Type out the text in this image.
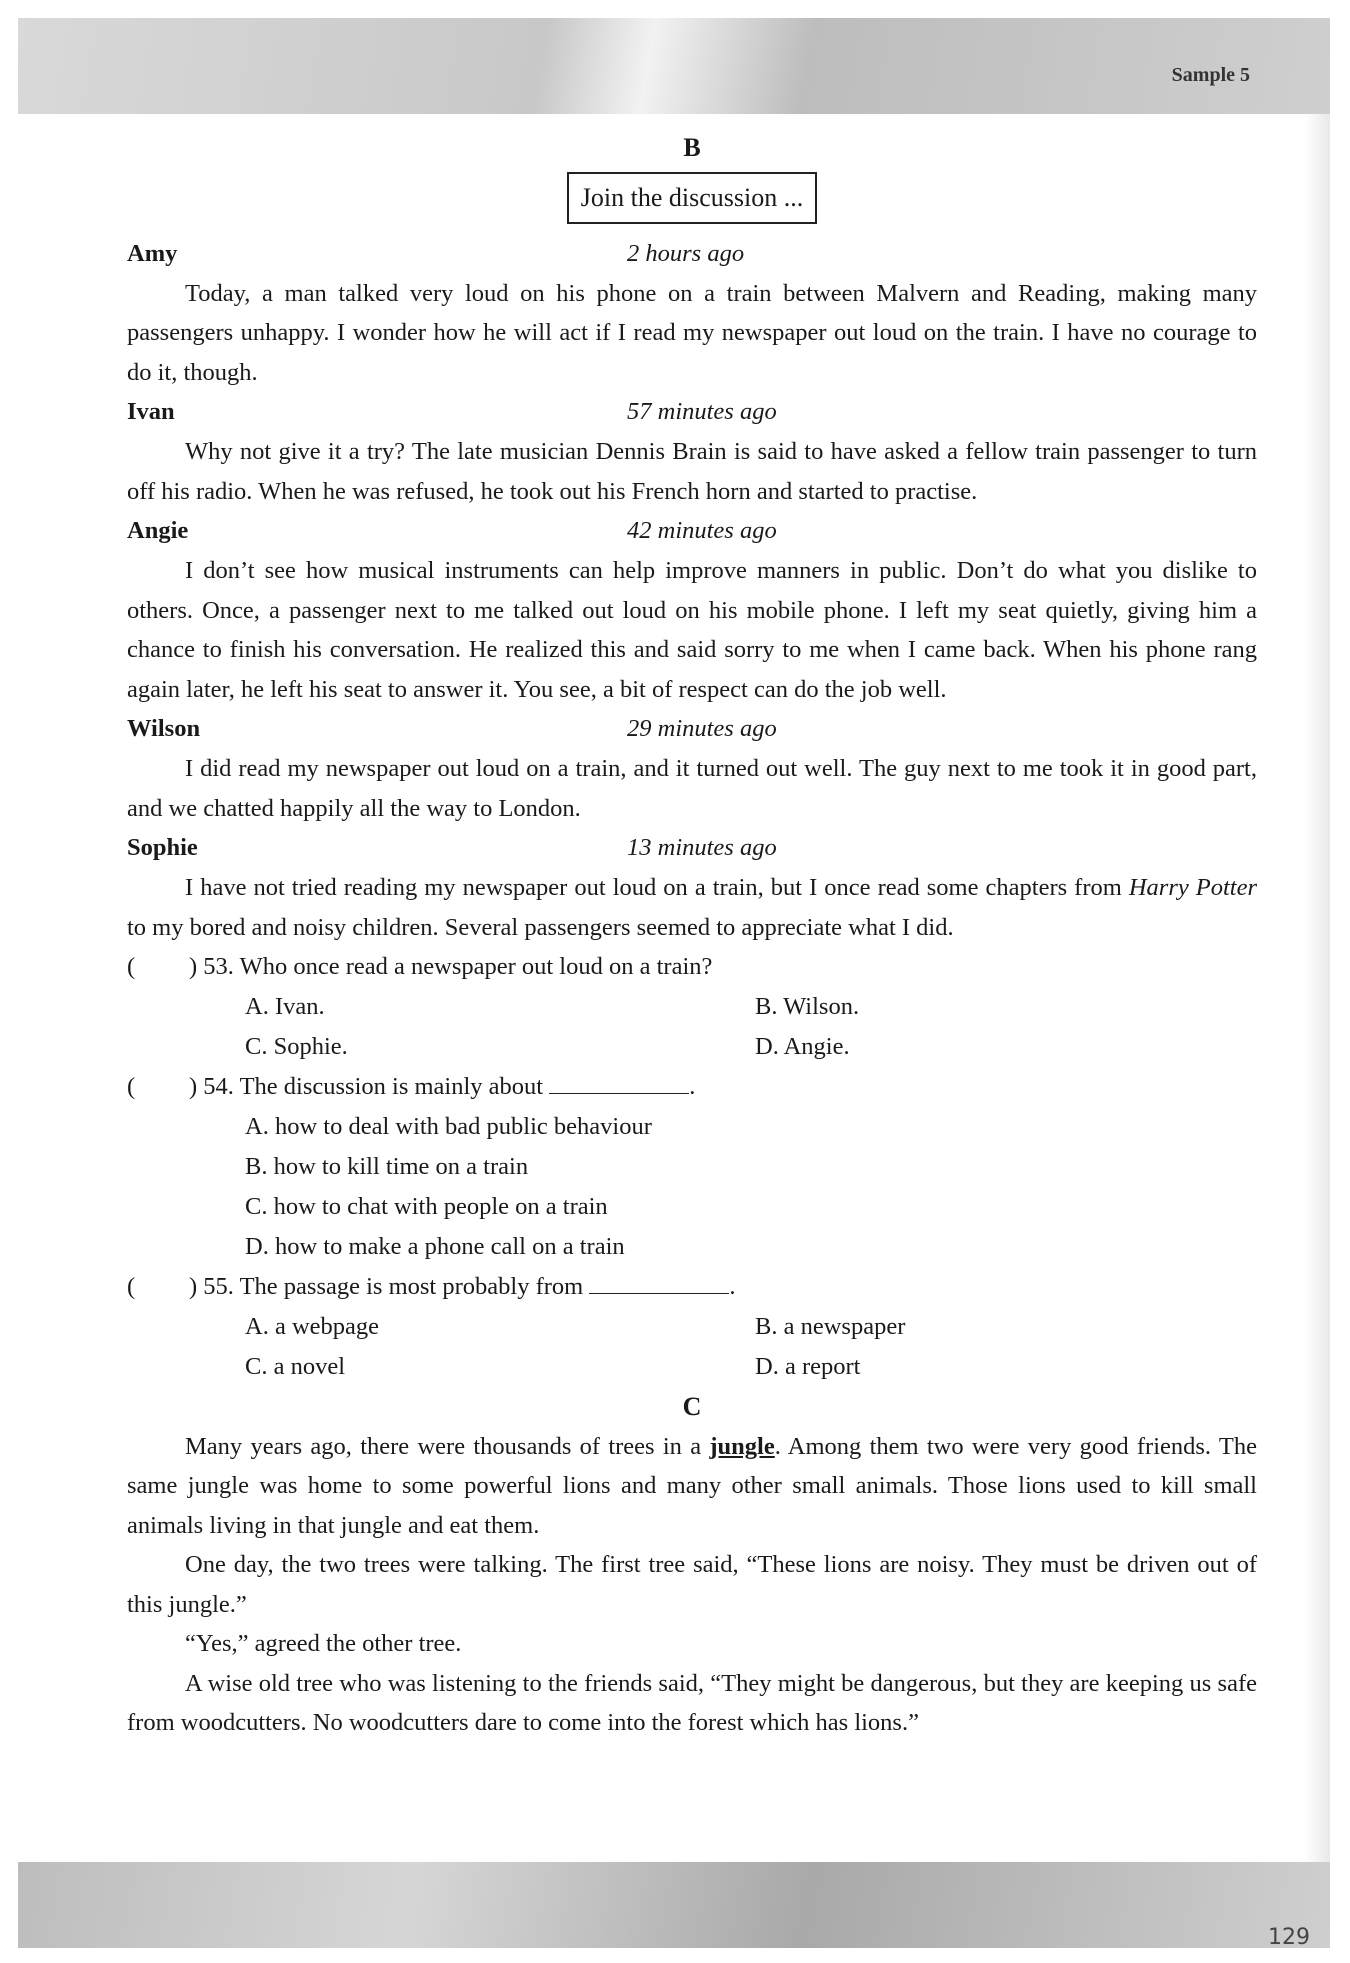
Sample 5
B
Join the discussion ...
Amy	2 hours ago

Today, a man talked very loud on his phone on a train between Malvern and Reading, making many passengers unhappy. I wonder how he will act if I read my newspaper out loud on the train. I have no courage to do it, though.

Ivan	57 minutes ago

Why not give it a try? The late musician Dennis Brain is said to have asked a fellow train passenger to turn off his radio. When he was refused, he took out his French horn and started to practise.

Angie	42 minutes ago

I don’t see how musical instruments can help improve manners in public. Don’t do what you dislike to others. Once, a passenger next to me talked out loud on his mobile phone. I left my seat quietly, giving him a chance to finish his conversation. He realized this and said sorry to me when I came back. When his phone rang again later, he left his seat to answer it. You see, a bit of respect can do the job well.

Wilson	29 minutes ago

I did read my newspaper out loud on a train, and it turned out well. The guy next to me took it in good part, and we chatted happily all the way to London.

Sophie	13 minutes ago

I have not tried reading my newspaper out loud on a train, but I once read some chapters from Harry Potter to my bored and noisy children. Several passengers seemed to appreciate what I did.

( ) 53. Who once read a newspaper out loud on a train?
A. Ivan.	B. Wilson.
C. Sophie.	D. Angie.
( ) 54. The discussion is mainly about	.
A. how to deal with bad public behaviour
B. how to kill time on a train
C. how to chat with people on a train
D. how to make a phone call on a train
( ) 55. The passage is most probably from	.
A. a webpage	B. a newspaper
C. a novel	D. a report
C

Many years ago, there were thousands of trees in a jungle. Among them two were very good friends. The same jungle was home to some powerful lions and many other small animals. Those lions used to kill small animals living in that jungle and eat them.

One day, the two trees were talking. The first tree said, “These lions are noisy. They must be driven out of this jungle.”

“Yes,” agreed the other tree.

A wise old tree who was listening to the friends said, “They might be dangerous, but they are keeping us safe from woodcutters. No woodcutters dare to come into the forest which has lions.”

129
